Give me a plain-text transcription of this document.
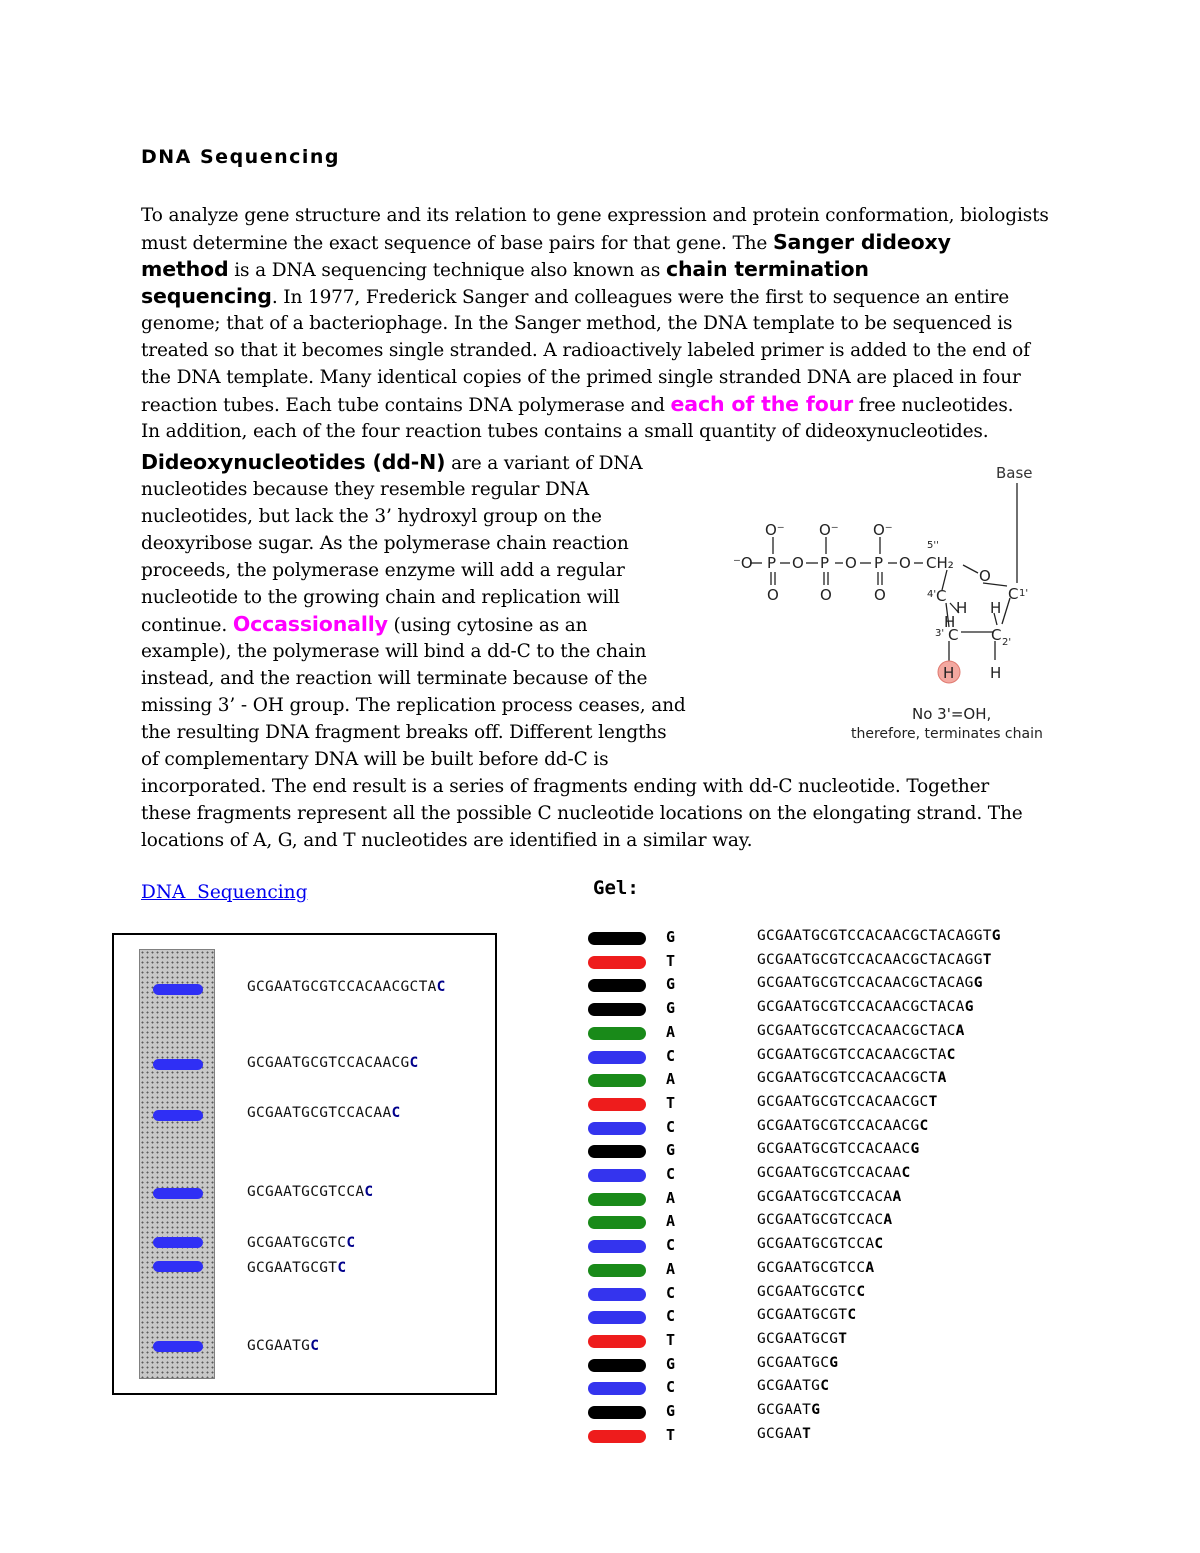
DNA Sequencing

To analyze gene structure and its relation to gene expression and protein conformation, biologists
must determine the exact sequence of base pairs for that gene. The Sanger dideoxy
method is a DNA sequencing technique also known as chain termination
sequencing. In 1977, Frederick Sanger and colleagues were the first to sequence an entire
genome; that of a bacteriophage. In the Sanger method, the DNA template to be sequenced is
treated so that it becomes single stranded. A radioactively labeled primer is added to the end of
the DNA template. Many identical copies of the primed single stranded DNA are placed in four
reaction tubes. Each tube contains DNA polymerase and each of the four free nucleotides.
In addition, each of the four reaction tubes contains a small quantity of dideoxynucleotides.

Dideoxynucleotides (dd-N) are a variant of DNA
nucleotides because they resemble regular DNA
nucleotides, but lack the 3’ hydroxyl group on the
deoxyribose sugar. As the polymerase chain reaction
proceeds, the polymerase enzyme will add a regular
nucleotide to the growing chain and replication will
continue. Occassionally (using cytosine as an
example), the polymerase will bind a dd-C to the chain
instead, and the reaction will terminate because of the
missing 3’ - OH group. The replication process ceases, and
the resulting DNA fragment breaks off. Different lengths
of complementary DNA will be built before dd-C is

incorporated. The end result is a series of fragments ending with dd-C nucleotide. Together
these fragments represent all the possible C nucleotide locations on the elongating strand. The
locations of A, G, and T nucleotides are identified in a similar way.

O⁻ O⁻ O⁻
⁻O P O P O P O
O	O	O
CH₂
O
C	C
C C
H
H
H
H H
5''
4'	1'
3'
2'
Base
No 3'=OH,
therefore, terminates chain
DNA  Sequencing
GCGAATGCGTCCACAACGCTAC
GCGAATGCGTCCACAACGC
GCGAATGCGTCCACAAC
GCGAATGCGTCCAC
GCGAATGCGTCC
GCGAATGCGTC
GCGAATGC
Gel:
G	GCGAATGCGTCCACAACGCTACAGGTG
T	GCGAATGCGTCCACAACGCTACAGGT
G	GCGAATGCGTCCACAACGCTACAGG
G	GCGAATGCGTCCACAACGCTACAG
A	GCGAATGCGTCCACAACGCTACA
C	GCGAATGCGTCCACAACGCTAC
A	GCGAATGCGTCCACAACGCTA
T	GCGAATGCGTCCACAACGCT
C	GCGAATGCGTCCACAACGC
G	GCGAATGCGTCCACAACG
C	GCGAATGCGTCCACAAC
A	GCGAATGCGTCCACAA
A	GCGAATGCGTCCACA
C	GCGAATGCGTCCAC
A	GCGAATGCGTCCA
C	GCGAATGCGTCC
C	GCGAATGCGTC
T	GCGAATGCGT
G	GCGAATGCG
C	GCGAATGC
G	GCGAATG
T	GCGAAT
